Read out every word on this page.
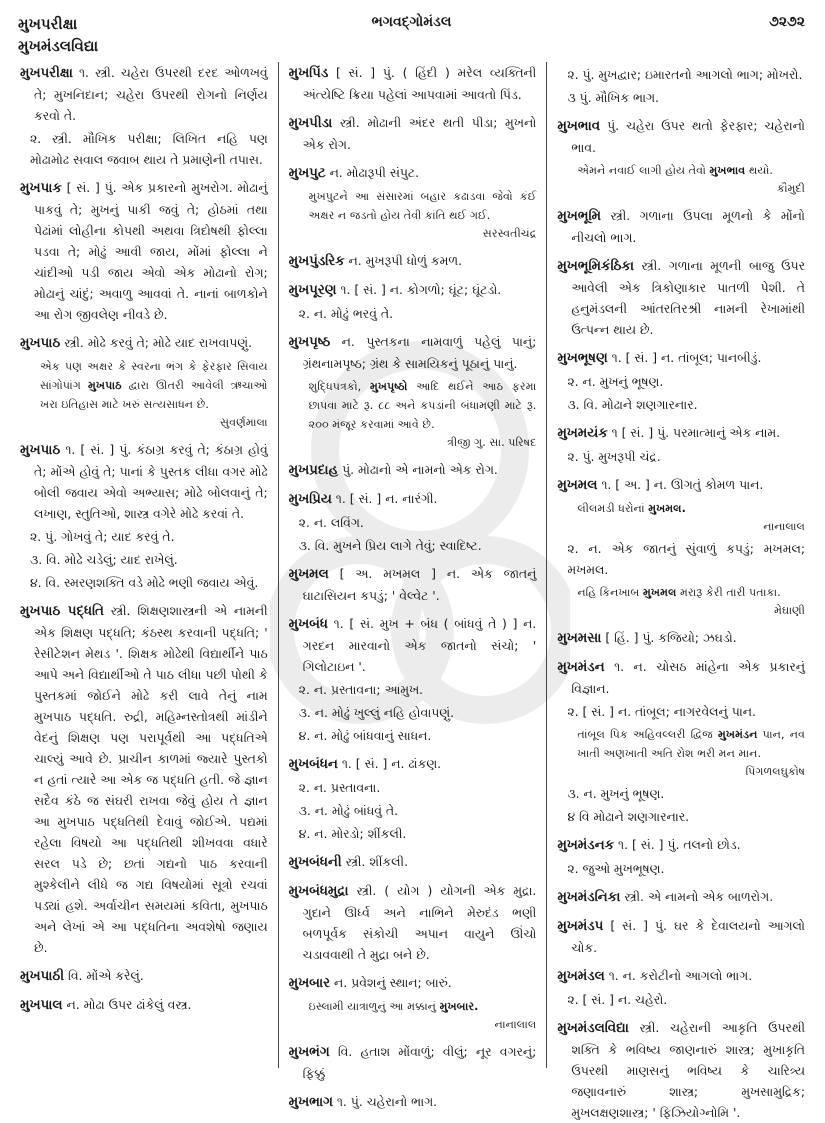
મુખપરીક્ષા
મુખમંડલવિદ્યા
ભગવદ્ગોમંડલ	૭૨૭૨
મુખપરીક્ષા ૧. સ્ત્રી. ચહેરા ઉપરથી દરદ ઓળખવું તે; મુખનિદાન; ચહેરા ઉપરથી રોગનો નિર્ણય કરવો તે.
૨. સ્ત્રી. મૌખિક પરીક્ષા; લિખિત નહિ પણ મોઢામોઢ સવાલ જવાબ થાય તે પ્રમાણેની તપાસ.
મુખપાક [ સં. ] પું. એક પ્રકારનો મુખરોગ. મોઢાનું પાકવું તે; મુખનું પાકી જવું તે; હોઠમાં તથા પેઢાંમાં લોહીના કોપથી અથવા ત્રિદોષથી ફોલ્લા પડવા તે; મોઢું આવી જાય, મોંમાં ફોલ્લા ને ચાંદીઓ પડી જાય એવો એક મોઢાનો રોગ; મોઢાનું ચાંદું; અવાળુ આવવાં તે. નાનાં બાળકોને આ રોગ જીવલેણ નીવડે છે.
મુખપાઠ સ્ત્રી. મોઢે કરવું તે; મોઢે યાદ રાખવાપણું.
એક પણ અક્ષર કે સ્વરના ભંગ કે ફેરફાર સિવાય સાંગોપાંગ મુખપાઠ દ્વારા ઊતરી આવેલી ઋચાઓ ખરા ઇતિહાસ માટે ખરું સત્યસાધન છે.
સુવર્ણમાલા
મુખપાઠ ૧. [ સં. ] પું. કંઠાગ્ર કરવું તે; કંઠાગ્ર હોવું તે; મોંએ હોવું તે; પાનાં કે પુસ્તક લીધા વગર મોઢે બોલી જવાય એવો અભ્યાસ; મોઢે બોલવાનું તે; લખાણ, સ્તુતિઓ, શાસ્ત્ર વગેરે મોઢે કરવાં તે.
૨. પું. ગોખવું તે; યાદ કરવું તે.
૩. વિ. મોઢે ચડેલું; યાદ રાખેલું.
૪. વિ. સ્મરણશક્તિ વડે મોઢે ભણી જવાય એવું.
મુખપાઠ પદ્ધતિ સ્ત્રી. શિક્ષણશાસ્ત્રની એ નામની એક શિક્ષણ પદ્ધતિ; કંઠસ્થ કરવાની પદ્ધતિ; ' રેસીટેશન મેથડ '. શિક્ષક મોઢેથી વિદ્યાર્થીને પાઠ આપે અને વિદ્યાર્થીઓ તે પાઠ લીધા પછી પોથી કે પુસ્તકમાં જોઈને મોઢે કરી લાવે તેનું નામ મુખપાઠ પદ્ધતિ. રુદ્રી, મહિમ્નસ્તોત્રથી માંડીને વેદનું શિક્ષણ પણ પરાપૂર્વથી આ પદ્ધતિએ ચાલ્યું આવે છે. પ્રાચીન કાળમાં જ્યારે પુસ્તકો ન હતાં ત્યારે આ એક જ પદ્ધતિ હતી. જે જ્ઞાન સદૈવ કંઠે જ સંઘરી રાખવા જેવું હોય તે જ્ઞાન આ મુખપાઠ પદ્ધતિથી દેવાવું જોઈએ. પદ્યમાં રહેલા વિષયો આ પદ્ધતિથી શીખવવા વધારે સરલ પડે છે; છતાં ગદ્યનો પાઠ કરવાની મુશ્કેલીને લીધે જ ગદ્ય વિષયોમાં સૂત્રો રચવાં પડ્યાં હશે. અર્વાચીન સમયમાં કવિતા, મુખપાઠ અને લેખાં એ આ પદ્ધતિના અવશેષો જણાય છે.
મુખપાઠી વિ. મોંએ કરેલું.
મુખપાલ ન. મોઢા ઉપર ઢાંકેલું વસ્ત્ર.
મુખપિંડ [ સં. ] પું. ( હિંદી ) મરેલ વ્યક્તિની અંત્યેષ્ટિ ક્રિયા પહેલાં આપવામાં આવતો પિંડ.
મુખપીડા સ્ત્રી. મોઢાની અંદર થતી પીડા; મુખનો એક રોગ.
મુખપુટ ન. મોઢારૂપી સંપુટ.
મુખપુટને આ સંસારમાં બહાર કઢાડવા જેવો કંઈ અક્ષર ન જડતો હોય તેવી કાંતિ થઈ ગઈ.
સરસ્વતીચંદ્ર
મુખપુંડરિક ન. મુખરૂપી ધોળું કમળ.
મુખપૂરણ ૧. [ સં. ] ન. કોગળો; ઘૂંટ; ઘૂંટડો.
૨. ન. મોઢું ભરવું તે.
મુખપૃષ્ઠ ન. પુસ્તકના નામવાળું પહેલું પાનું; ગ્રંથનામપૃષ્ઠ; ગ્રંથ કે સામયિકનું પૂઠાનું પાનું.
શુદ્ધિપત્રકો, મુખપૃષ્ઠો આદિ થઈને આઠ ફરમા છાપવા માટે રૂ. ૮૮ અને કપડાંની બંધામણી માટે રૂ. ૨૦૦ મંજૂર કરવામાં આવે છે.
ત્રીજી ગુ. સા. પરિષદ
મુખપ્રદાહ પું. મોઢાનો એ નામનો એક રોગ.
મુખપ્રિય ૧. [ સં. ] ન. નારંગી.
૨. ન. લવિંગ.
૩. વિ. મુખને પ્રિય લાગે તેવું; સ્વાદિષ્ટ.
મુખમલ [ અ. મખમલ ] ન. એક જાતનું ઘાટાસિયન કપડું; ' વેલ્વેટ '.
મુખબંધ ૧. [ સં. મુખ + બંધ ( બાંધવું તે ) ] ન. ગરદન મારવાનો એક જાતનો સંચો; ' ગિલોટાઇન '.
૨. ન. પ્રસ્તાવના; આમુખ.
૩. ન. મોઢું ખુલ્લું નહિ હોવાપણું.
૪. ન. મોઢું બાંધવાનું સાધન.
મુખબંધન ૧. [ સં. ] ન. ઢાંકણ.
૨. ન. પ્રસ્તાવના.
૩. ન. મોઢું બાંધવું તે.
૪. ન. મોરડો; શીંકલી.
મુખબંધની સ્ત્રી. શીંકલી.
મુખબંધમુદ્રા સ્ત્રી. ( યોગ ) યોગની એક મુદ્રા. ગુદાને ઊર્ધ્વ અને નાભિને મેરુદંડ ભણી બળપૂર્વક સંકોચી અપાન વાયુને ઊંચો ચડાવવાથી તે મુદ્રા બને છે.
મુખબાર ન. પ્રવેશનું સ્થાન; બારું.
ઇસ્લામી યાત્રાળુનું આ મક્કાનું મુખબાર.
નાનાલાલ
મુખભંગ વિ. હતાશ મોંવાળું; વીલું; નૂર વગરનું; ફિક્કું
મુખભાગ ૧. પું. ચહેરાનો ભાગ.
૨. પું. મુખદ્વાર; ઇમારતનો આગલો ભાગ; મોખરો.
૩ પું. મૌખિક ભાગ.
મુખભાવ પું. ચહેરા ઉપર થતો ફેરફાર; ચહેરાનો ભાવ.
એમને નવાઈ લાગી હોય તેવો મુખભાવ થયો.
કૌમુદી
મુખભૂમિ સ્ત્રી. ગળાના ઉપલા મૂળનો કે મોંનો નીચલો ભાગ.
મુખભૂમિકંઠિકા સ્ત્રી. ગળાના મૂળની બાજુ ઉપર આવેલી એક ત્રિકોણાકાર પાતળી પેશી. તે હનુમંડલની આંતરતિરશ્રી નામની રેખામાંથી ઉત્પન્ન થાય છે.
મુખભૂષણ ૧. [ સં. ] ન. તાંબૂલ; પાનબીડું.
૨. ન. મુખનું ભૂષણ.
૩. વિ. મોઢાને શણગારનાર.
મુખમયંક ૧ [ સં. ] પું. પરમાત્માનું એક નામ.
૨. પું. મુખરૂપી ચંદ્ર.
મુખમલ ૧. [ અ. ] ન. ઊગતું કોમળ પાન.
લીલમડી ધરોનાં મુખમલ.
નાનાલાલ
૨. ન. એક જાતનું સુંવાળું કપડું; મખમલ; મખમલ.
નહિ કિનખાબ મુખમલ મરારૂ કેરી તારી પતાકા.
મેઘાણી
મુખમસા [ હિં. ] પું. કજિયો; ઝઘડો.
મુખમંડન ૧. ન. ચોસઠ માંહેના એક પ્રકારનું વિજ્ઞાન.
૨. [ સં. ] ન. તાંબૂલ; નાગરવેલનું પાન.
તાંબૂલ પિક અહિવલ્લરી દ્વિજ મુખમંડન પાન, નવ ખાતી અણખાતી અતિ રોશ ભરી મન માન.
પિંગળલઘુકોષ
૩. ન. મુખનું ભૂષણ.
૪ વિ મોઢાને શણગારનાર.
મુખમંડનક ૧. [ સં. ] પું. તલનો છોડ.
૨. જુઓ મુખભૂષણ.
મુખમંડનિકા સ્ત્રી. એ નામનો એક બાળરોગ.
મુખમંડપ [ સં. ] પું. ઘર કે દેવાલયનો આગલો ચોક.
મુખમંડલ ૧. ન. કરોટીનો આગલો ભાગ.
૨. [ સં. ] ન. ચહેરો.
મુખમંડલવિદ્યા સ્ત્રી. ચહેરાની આકૃતિ ઉપરથી શક્તિ કે ભવિષ્ય જાણનારું શાસ્ત્ર; મુખાકૃતિ ઉપરથી માણસનું ભવિષ્ય કે ચારિત્ર્ય જણાવનારું શાસ્ત્ર; મુખસામુદ્રિક; મુખલક્ષણશાસ્ત્ર; ' ફિઝિયોગ્નોમિ '.
